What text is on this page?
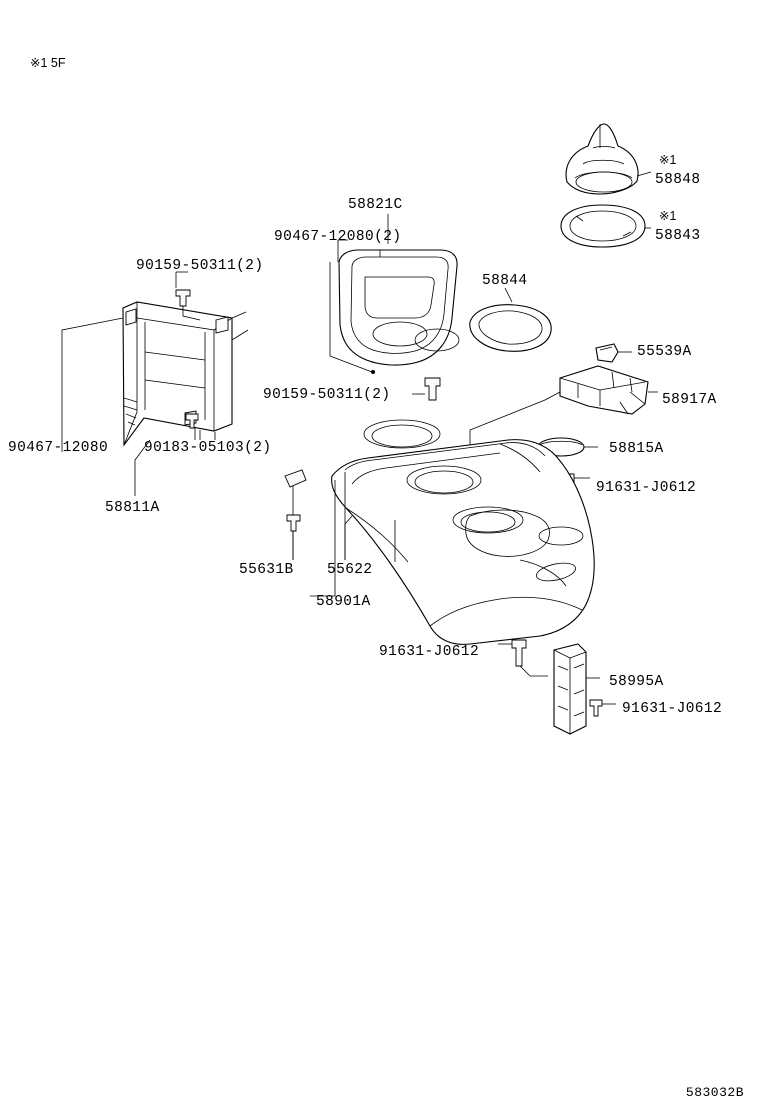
※1 5F
※1
58848
※1
58843
58821C
90467-12080(2)
58844
90159-50311(2)
55539A
58917A
90159-50311(2)
58815A
90467-12080 90183-05103(2)
91631-J0612
58811A
55631B 55622
58901A
91631-J0612
58995A
91631-J0612
583032B
